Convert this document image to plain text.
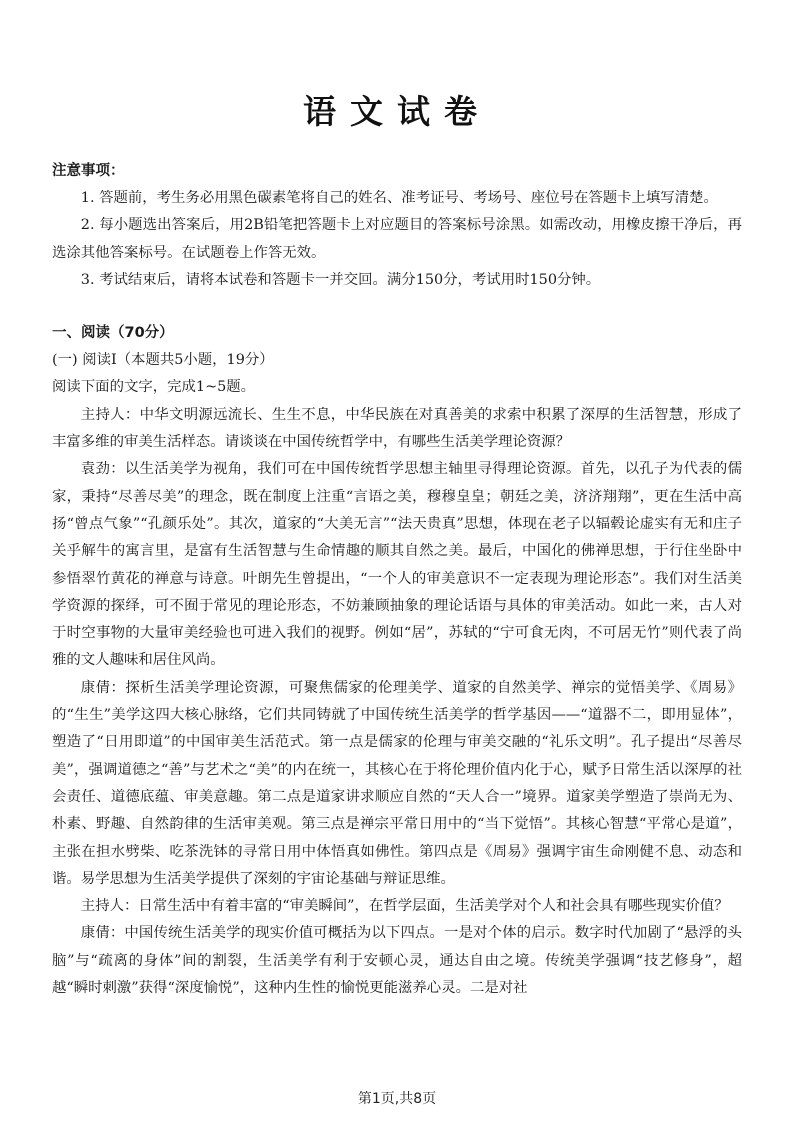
语文试卷

注意事项：

1. 答题前，考生务必用黑色碳素笔将自己的姓名、准考证号、考场号、座位号在答题卡上填写清楚。

2. 每小题选出答案后，用2B铅笔把答题卡上对应题目的答案标号涂黑。如需改动，用橡皮擦干净后，再选涂其他答案标号。在试题卷上作答无效。

3. 考试结束后，请将本试卷和答题卡一并交回。满分150分，考试用时150分钟。

一、阅读（70分）

(一) 阅读Ⅰ（本题共5小题，19分）

阅读下面的文字，完成1~5题。

主持人：中华文明源远流长、生生不息，中华民族在对真善美的求索中积累了深厚的生活智慧，形成了丰富多维的审美生活样态。请谈谈在中国传统哲学中，有哪些生活美学理论资源？

袁劲：以生活美学为视角，我们可在中国传统哲学思想主轴里寻得理论资源。首先，以孔子为代表的儒家，秉持“尽善尽美”的理念，既在制度上注重“言语之美，穆穆皇皇；朝廷之美，济济翔翔”，更在生活中高扬“曾点气象”“孔颜乐处”。其次，道家的“大美无言”“法天贵真”思想，体现在老子以辐毂论虚实有无和庄子关乎解牛的寓言里，是富有生活智慧与生命情趣的顺其自然之美。最后，中国化的佛禅思想，于行住坐卧中参悟翠竹黄花的禅意与诗意。叶朗先生曾提出，“一个人的审美意识不一定表现为理论形态”。我们对生活美学资源的探绎，可不囿于常见的理论形态，不妨兼顾抽象的理论话语与具体的审美活动。如此一来，古人对于时空事物的大量审美经验也可进入我们的视野。例如“居”，苏轼的“宁可食无肉，不可居无竹”则代表了尚雅的文人趣味和居住风尚。

康倩：探析生活美学理论资源，可聚焦儒家的伦理美学、道家的自然美学、禅宗的觉悟美学、《周易》的“生生”美学这四大核心脉络，它们共同铸就了中国传统生活美学的哲学基因——“道器不二，即用显体”，塑造了“日用即道”的中国审美生活范式。第一点是儒家的伦理与审美交融的“礼乐文明”。孔子提出“尽善尽美”，强调道德之“善”与艺术之“美”的内在统一，其核心在于将伦理价值内化于心，赋予日常生活以深厚的社会责任、道德底蕴、审美意趣。第二点是道家讲求顺应自然的“天人合一”境界。道家美学塑造了崇尚无为、朴素、野趣、自然韵律的生活审美观。第三点是禅宗平常日用中的“当下觉悟”。其核心智慧“平常心是道”，主张在担水劈柴、吃茶洗钵的寻常日用中体悟真如佛性。第四点是《周易》强调宇宙生命刚健不息、动态和谐。易学思想为生活美学提供了深刻的宇宙论基础与辩证思维。

主持人：日常生活中有着丰富的“审美瞬间”，在哲学层面，生活美学对个人和社会具有哪些现实价值？

康倩：中国传统生活美学的现实价值可概括为以下四点。一是对个体的启示。数字时代加剧了“悬浮的头脑”与“疏离的身体”间的割裂，生活美学有利于安顿心灵，通达自由之境。传统美学强调“技艺修身”，超越“瞬时刺激”获得“深度愉悦”，这种内生性的愉悦更能滋养心灵。二是对社

第1页,共8页
